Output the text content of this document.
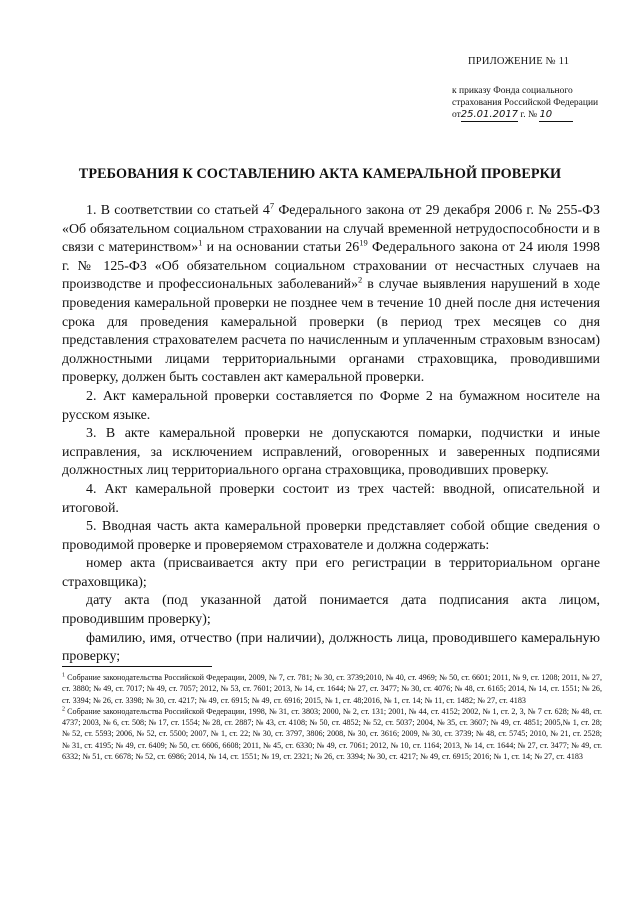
ПРИЛОЖЕНИЕ № 11
к приказу Фонда социального
страхования Российской Федерации
от25.01.2017 г. № 10
ТРЕБОВАНИЯ К СОСТАВЛЕНИЮ АКТА КАМЕРАЛЬНОЙ ПРОВЕРКИ

1. В соответствии со статьей $4^7$ Федерального закона от 29 декабря 2006 г. № 255-ФЗ «Об обязательном социальном страховании на случай временной нетрудоспособности и в связи с материнством»$^1$ и на основании статьи $26^{19}$ Федерального закона от 24 июля 1998 г. № 125-ФЗ «Об обязательном социальном страховании от несчастных случаев на производстве и профессиональных заболеваний»$^2$ в случае выявления нарушений в ходе проведения камеральной проверки не позднее чем в течение 10 дней после дня истечения срока для проведения камеральной проверки (в период трех месяцев со дня представления страхователем расчета по начисленным и уплаченным страховым взносам) должностными лицами территориальными органами страховщика, проводившими проверку, должен быть составлен акт камеральной проверки.

2. Акт камеральной проверки составляется по Форме 2 на бумажном носителе на русском языке.

3. В акте камеральной проверки не допускаются помарки, подчистки и иные исправления, за исключением исправлений, оговоренных и заверенных подписями должностных лиц территориального органа страховщика, проводивших проверку.

4. Акт камеральной проверки состоит из трех частей: вводной, описательной и итоговой.

5. Вводная часть акта камеральной проверки представляет собой общие сведения о проводимой проверке и проверяемом страхователе и должна содержать:

номер акта (присваивается акту при его регистрации в территориальном органе страховщика);

дату акта (под указанной датой понимается дата подписания акта лицом, проводившим проверку);

фамилию, имя, отчество (при наличии), должность лица, проводившего камеральную проверку;

$^1$ Собрание законодательства Российской Федерации, 2009, № 7, ст. 781; № 30, ст. 3739;2010, № 40, ст. 4969; № 50, ст. 6601; 2011, № 9, ст. 1208; 2011, № 27, ст. 3880; № 49, ст. 7017; № 49, ст. 7057; 2012, № 53, ст. 7601; 2013, № 14, ст. 1644; № 27, ст. 3477; № 30, ст. 4076; № 48, ст. 6165; 2014, № 14, ст. 1551; № 26, ст. 3394; № 26, ст. 3398; № 30, ст. 4217; № 49, ст. 6915; № 49, ст. 6916; 2015, № 1, ст. 48;2016, № 1, ст. 14; № 11, ст. 1482; № 27, ст. 4183

$^2$ Собрание законодательства Российской Федерации, 1998, № 31, ст. 3803; 2000, № 2, ст. 131; 2001, № 44, ст. 4152; 2002, № 1, ст. 2, 3, № 7 ст. 628; № 48, ст. 4737; 2003, № 6, ст. 508; № 17, ст. 1554; № 28, ст. 2887; № 43, ст. 4108; № 50, ст. 4852; № 52, ст. 5037; 2004, № 35, ст. 3607; № 49, ст. 4851; 2005,№ 1, ст. 28; № 52, ст. 5593; 2006, № 52, ст. 5500; 2007, № 1, ст. 22; № 30, ст. 3797, 3806; 2008, № 30, ст. 3616; 2009, № 30, ст. 3739; № 48, ст. 5745; 2010, № 21, ст. 2528; № 31, ст. 4195; № 49, ст. 6409; № 50, ст. 6606, 6608; 2011, № 45, ст. 6330; № 49, ст. 7061; 2012, № 10, ст. 1164; 2013, № 14, ст. 1644; № 27, ст. 3477; № 49, ст. 6332; № 51, ст. 6678; № 52, ст. 6986; 2014, № 14, ст. 1551; № 19, ст. 2321; № 26, ст. 3394; № 30, ст. 4217; № 49, ст. 6915; 2016; № 1, ст. 14; № 27, ст. 4183
